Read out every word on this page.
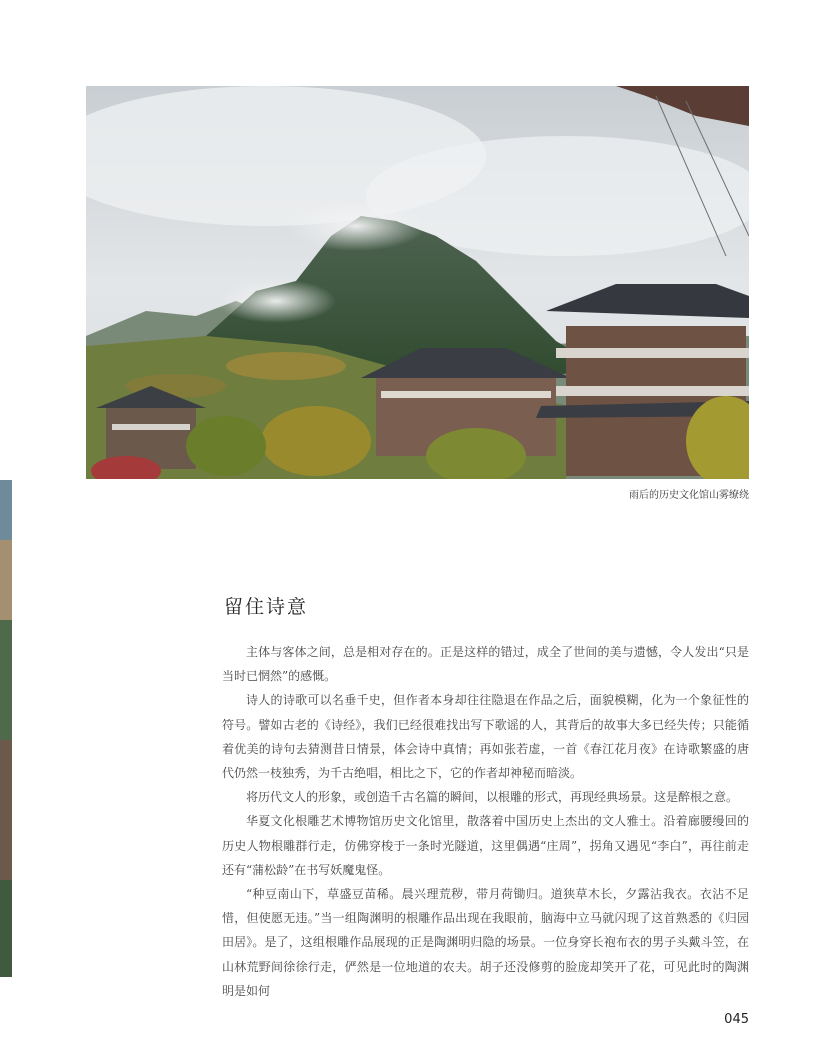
雨后的历史文化馆山雾缭绕
留住诗意

主体与客体之间，总是相对存在的。正是这样的错过，成全了世间的美与遗憾，令人发出“只是当时已惘然”的感慨。

诗人的诗歌可以名垂千史，但作者本身却往往隐退在作品之后，面貌模糊，化为一个象征性的符号。譬如古老的《诗经》，我们已经很难找出写下歌谣的人，其背后的故事大多已经失传；只能循着优美的诗句去猜测昔日情景，体会诗中真情；再如张若虚，一首《春江花月夜》在诗歌繁盛的唐代仍然一枝独秀，为千古绝唱，相比之下，它的作者却神秘而暗淡。

将历代文人的形象，或创造千古名篇的瞬间，以根雕的形式，再现经典场景。这是醉根之意。

华夏文化根雕艺术博物馆历史文化馆里，散落着中国历史上杰出的文人雅士。沿着廊腰缦回的历史人物根雕群行走，仿佛穿梭于一条时光隧道，这里偶遇“庄周”，拐角又遇见“李白”，再往前走还有“蒲松龄”在书写妖魔鬼怪。

“种豆南山下，草盛豆苗稀。晨兴理荒秽，带月荷锄归。道狭草木长，夕露沾我衣。衣沾不足惜，但使愿无违。”当一组陶渊明的根雕作品出现在我眼前，脑海中立马就闪现了这首熟悉的《归园田居》。是了，这组根雕作品展现的正是陶渊明归隐的场景。一位身穿长袍布衣的男子头戴斗笠，在山林荒野间徐徐行走，俨然是一位地道的农夫。胡子还没修剪的脸庞却笑开了花，可见此时的陶渊明是如何

045
